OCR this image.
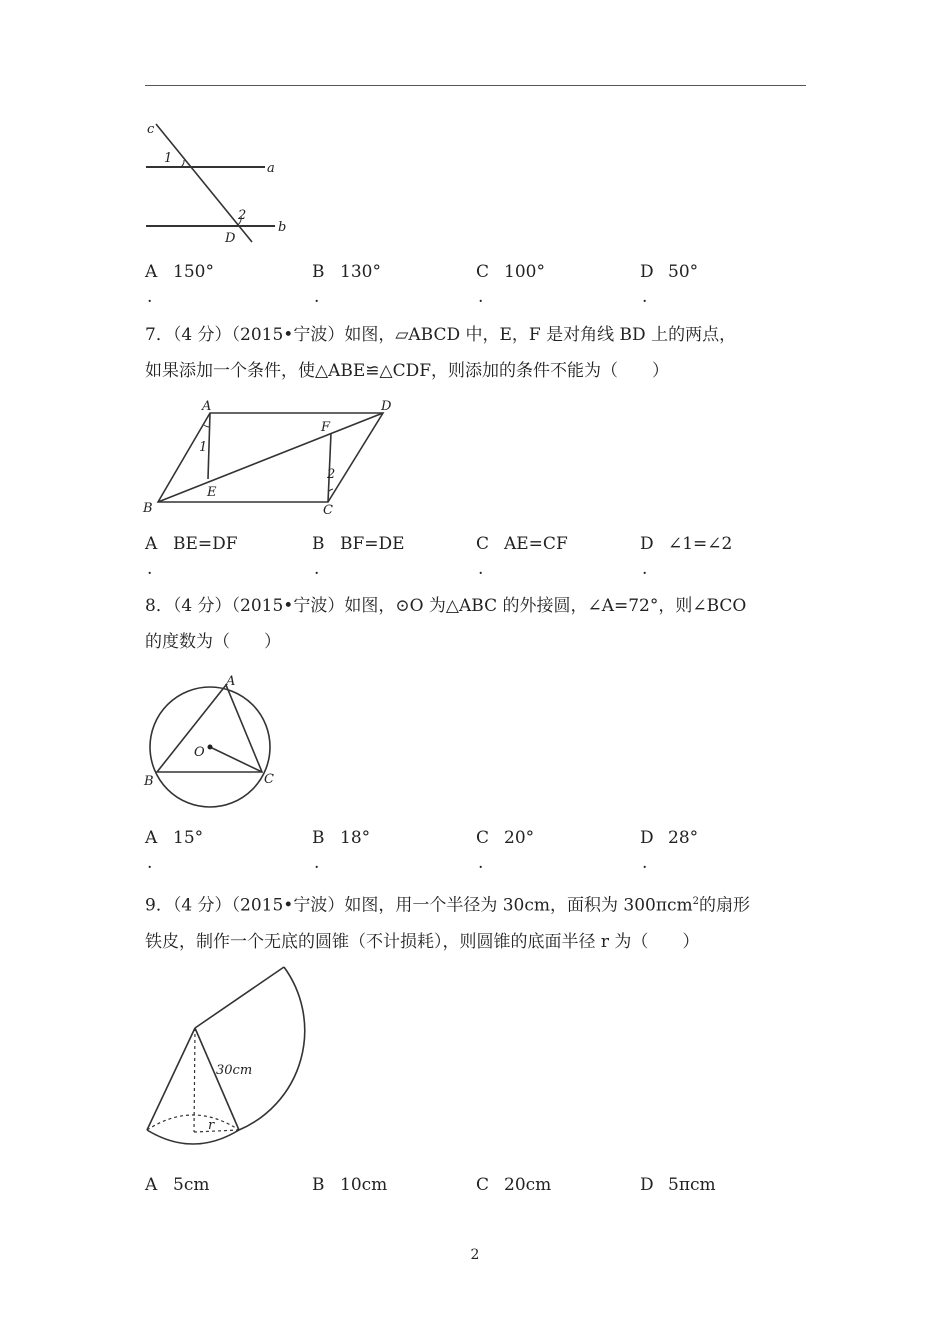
c
a
b
1
2
D
A 150°
.
B 130°
.
C 100°
.
D 50°
.
7．（4 分）（2015•宁波）如图，▱ABCD 中，E，F 是对角线 BD 上的两点，
如果添加一个条件，使△ABE≌△CDF，则添加的条件不能为（　　）
A	D
F
1
2
B
E
C
A BE=DF
.
B BF=DE
.
C AE=CF
.
D ∠1=∠2
.
8．（4 分）（2015•宁波）如图，⊙O 为△ABC 的外接圆，∠A=72°，则∠BCO
的度数为（　　）
A
O
B	C
A 15°
.
B 18°
.
C 20°
.
D 28°
.
9．（4 分）（2015•宁波）如图，用一个半径为 30cm，面积为 300πcm$^2$的扇形
铁皮，制作一个无底的圆锥（不计损耗），则圆锥的底面半径 r 为（　　）
30cm
r
A 5cm	B 10cm	C 20cm	D 5πcm
2
